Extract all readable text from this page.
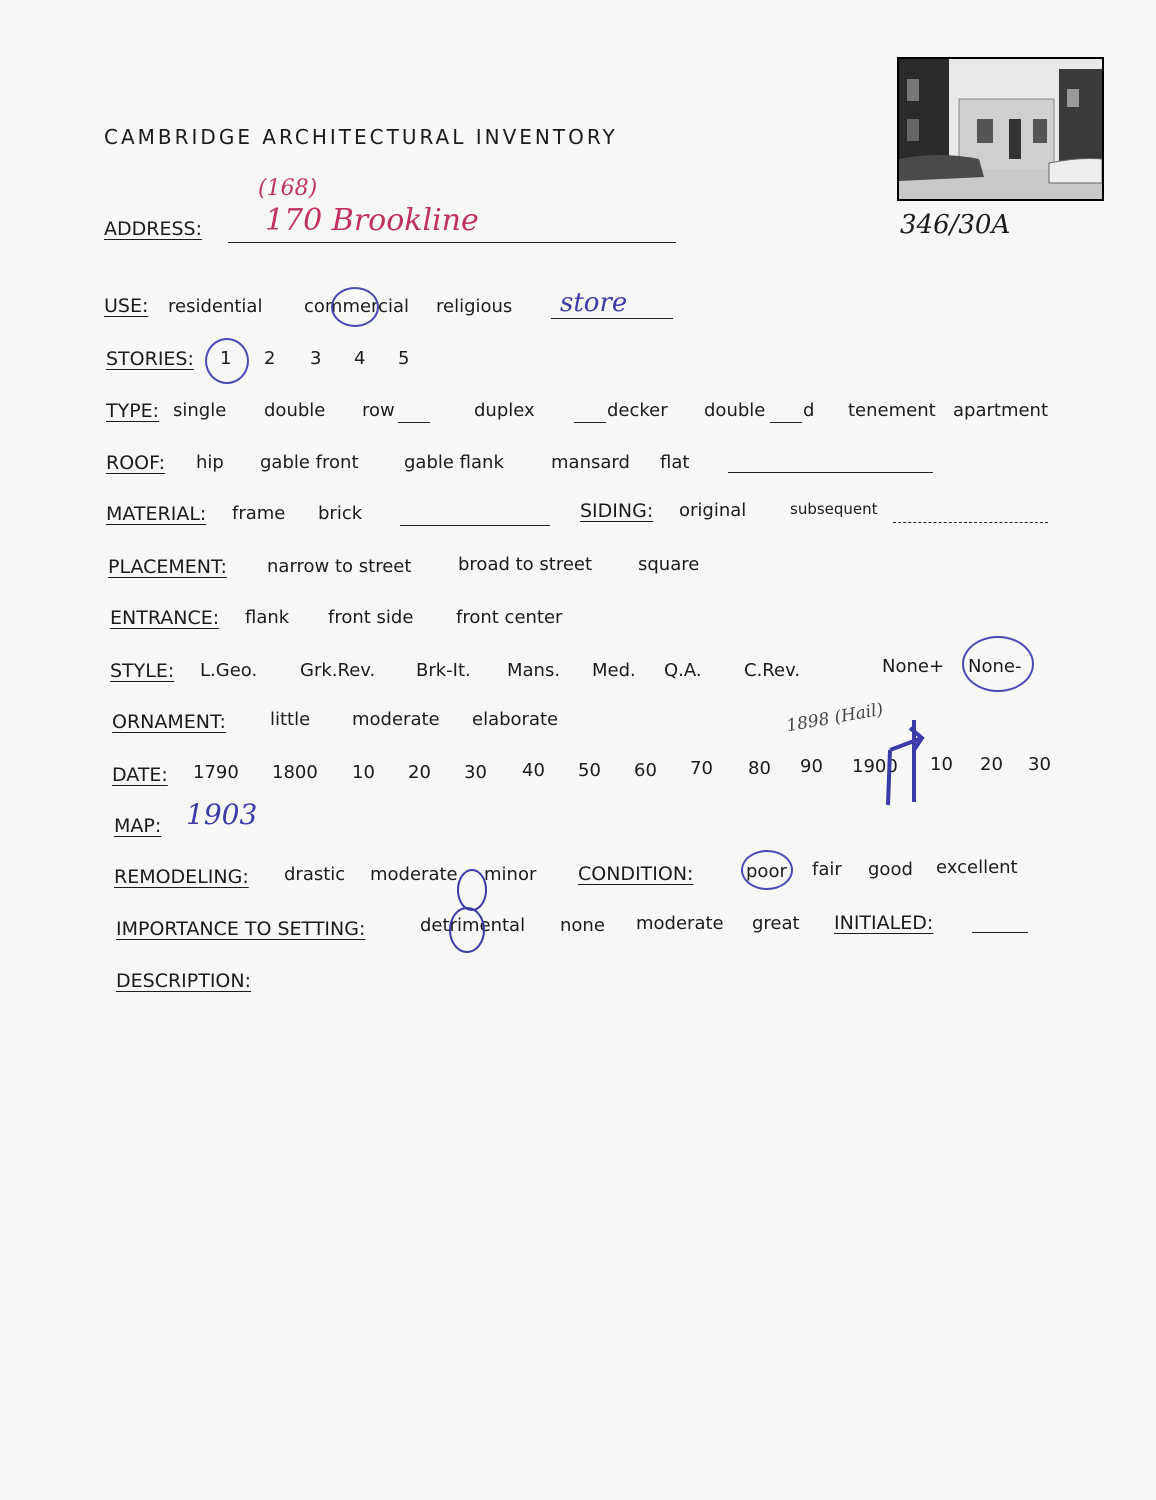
346/30A
CAMBRIDGE ARCHITECTURAL INVENTORY
ADDRESS:
(168)
170 Brookline
USE: residential commercial religious store
STORIES: 1 2 3 4 5
TYPE: single double row	duplex	decker double d tenement apartment
ROOF: hip gable front	gable flank	mansard flat
MATERIAL: frame brick	SIDING: original	subsequent
PLACEMENT: narrow to street	broad to street	square
ENTRANCE: flank front side front center
STYLE: L.Geo. Grk.Rev. Brk-It. Mans. Med. Q.A. C.Rev.	None+ None-
ORNAMENT: little moderate elaborate	1898 (Hail)
DATE: 1790 1800 10 20 30 40 50 60 70 80 90 1900 10 20 30
MAP: 1903
REMODELING: drastic moderate minor CONDITION:	poor fair good excellent
IMPORTANCE TO SETTING:	detrimental none moderate great INITIALED:
DESCRIPTION:
